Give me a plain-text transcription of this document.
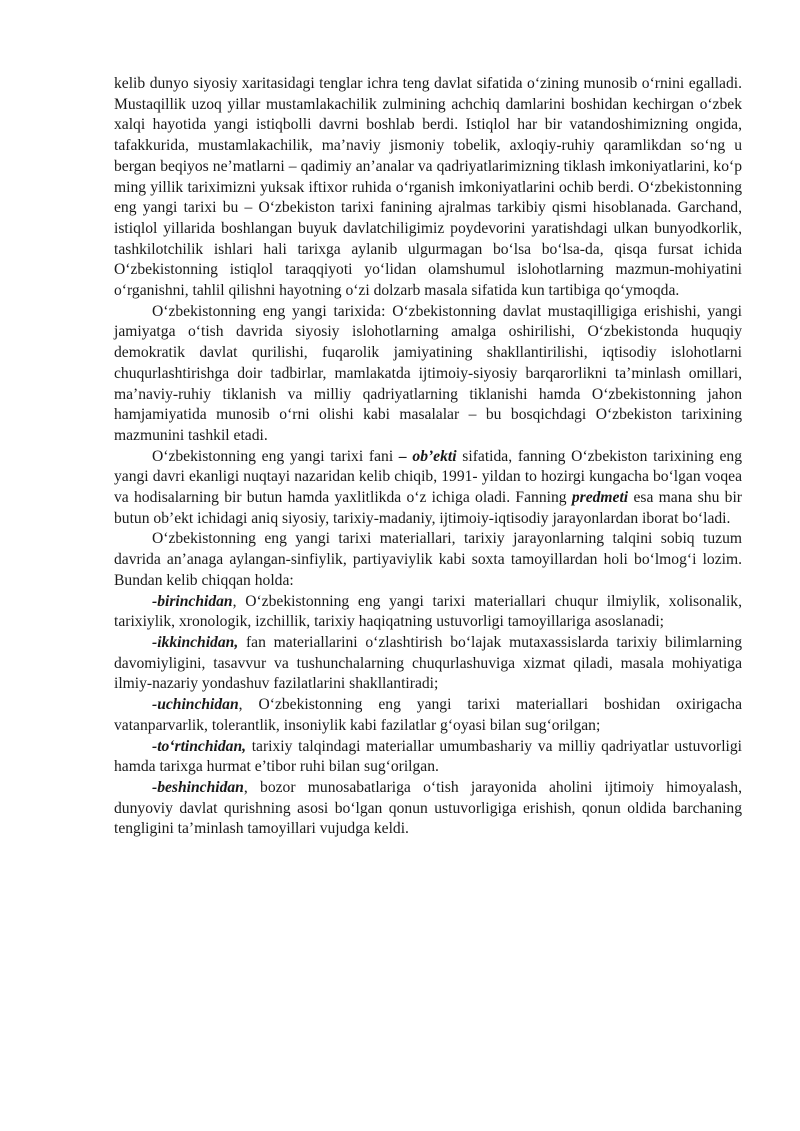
kelib dunyo siyosiy xaritasidagi tenglar ichra teng davlat sifatida o‘zining munosib o‘rnini egalladi. Mustaqillik uzoq yillar mustamlakachilik zulmining achchiq damlarini boshidan kechirgan o‘zbek xalqi hayotida yangi istiqbolli davrni boshlab berdi. Istiqlol har bir vatandoshimizning ongida, tafakkurida, mustamlakachilik, ma’naviy jismoniy tobelik, axloqiy-ruhiy qaramlikdan so‘ng u bergan beqiyos ne’matlarni – qadimiy an’analar va qadriyatlarimizning tiklash imkoniyatlarini, ko‘p ming yillik tariximizni yuksak iftixor ruhida o‘rganish imkoniyatlarini ochib berdi. O‘zbekistonning eng yangi tarixi bu – O‘zbekiston tarixi fanining ajralmas tarkibiy qismi hisoblanada. Garchand, istiqlol yillarida boshlangan buyuk davlatchiligimiz poydevorini yaratishdagi ulkan bunyodkorlik, tashkilotchilik ishlari hali tarixga aylanib ulgurmagan bo‘lsa bo‘lsa-da, qisqa fursat ichida O‘zbekistonning istiqlol taraqqiyoti yo‘lidan olamshumul islohotlarning mazmun-mohiyatini o‘rganishni, tahlil qilishni hayotning o‘zi dolzarb masala sifatida kun tartibiga qo‘ymoqda.

O‘zbekistonning eng yangi tarixida: O‘zbekistonning davlat mustaqilligiga erishishi, yangi jamiyatga o‘tish davrida siyosiy islohotlarning amalga oshirilishi, O‘zbekistonda huquqiy demokratik davlat qurilishi, fuqarolik jamiyatining shakllantirilishi, iqtisodiy islohotlarni chuqurlashtirishga doir tadbirlar, mamlakatda ijtimoiy-siyosiy barqarorlikni ta’minlash omillari, ma’naviy-ruhiy tiklanish va milliy qadriyatlarning tiklanishi hamda O‘zbekistonning jahon hamjamiyatida munosib o‘rni olishi kabi masalalar – bu bosqichdagi O‘zbekiston tarixining mazmunini tashkil etadi.

O‘zbekistonning eng yangi tarixi fani – ob’ekti sifatida, fanning O‘zbekiston tarixining eng yangi davri ekanligi nuqtayi nazaridan kelib chiqib, 1991- yildan to hozirgi kungacha bo‘lgan voqea va hodisalarning bir butun hamda yaxlitlikda o‘z ichiga oladi. Fanning predmeti esa mana shu bir butun ob’ekt ichidagi aniq siyosiy, tarixiy-madaniy, ijtimoiy-iqtisodiy jarayonlardan iborat bo‘ladi.

O‘zbekistonning eng yangi tarixi materiallari, tarixiy jarayonlarning talqini sobiq tuzum davrida an’anaga aylangan-sinfiylik, partiyaviylik kabi soxta tamoyillardan holi bo‘lmog‘i lozim. Bundan kelib chiqqan holda:

-birinchidan, O‘zbekistonning eng yangi tarixi materiallari chuqur ilmiylik, xolisonalik, tarixiylik, xronologik, izchillik, tarixiy haqiqatning ustuvorligi tamoyillariga asoslanadi;

-ikkinchidan, fan materiallarini o‘zlashtirish bo‘lajak mutaxassislarda tarixiy bilimlarning davomiyligini, tasavvur va tushunchalarning chuqurlashuviga xizmat qiladi, masala mohiyatiga ilmiy-nazariy yondashuv fazilatlarini shakllantiradi;

-uchinchidan, O‘zbekistonning eng yangi tarixi materiallari boshidan oxirigacha vatanparvarlik, tolerantlik, insoniylik kabi fazilatlar g‘oyasi bilan sug‘orilgan;

-to‘rtinchidan, tarixiy talqindagi materiallar umumbashariy va milliy qadriyatlar ustuvorligi hamda tarixga hurmat e’tibor ruhi bilan sug‘orilgan.

-beshinchidan, bozor munosabatlariga o‘tish jarayonida aholini ijtimoiy himoyalash, dunyoviy davlat qurishning asosi bo‘lgan qonun ustuvorligiga erishish, qonun oldida barchaning tengligini ta’minlash tamoyillari vujudga keldi.
